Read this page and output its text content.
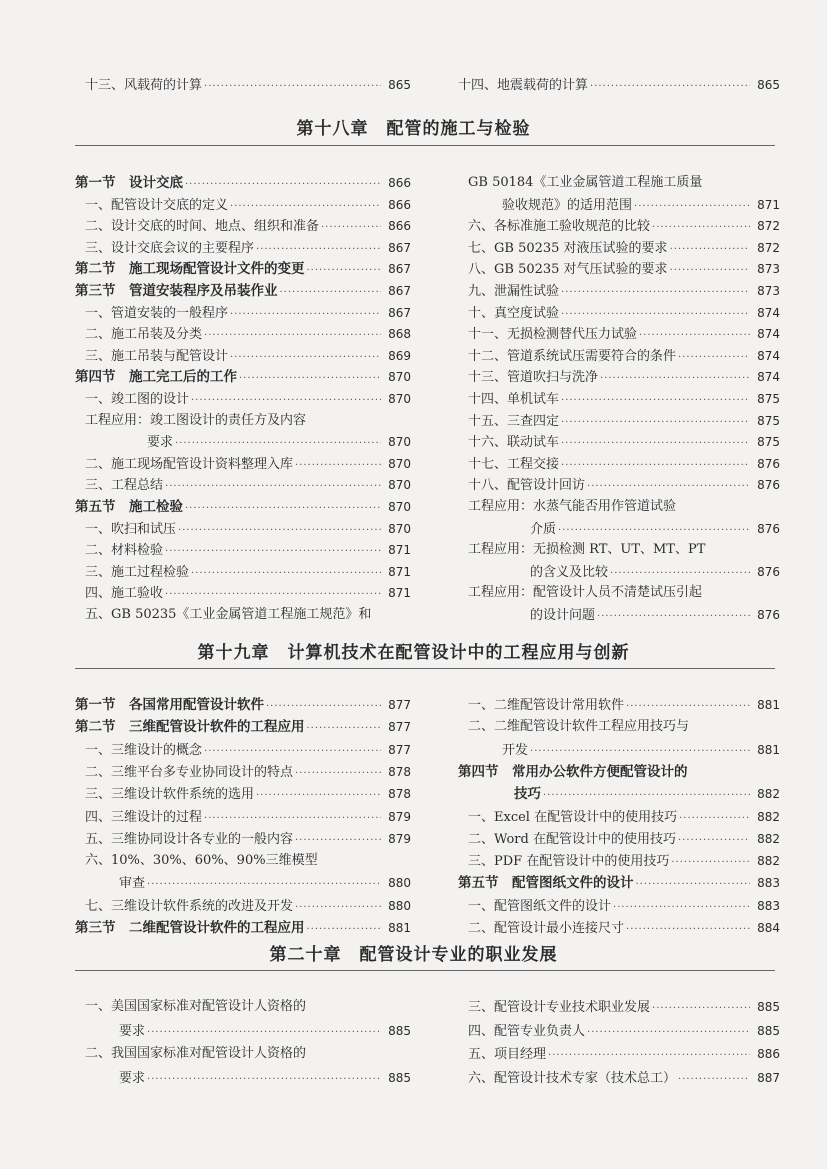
十三、风载荷的计算 ·····	865	十四、地震载荷的计算 ·····	865
第十八章　配管的施工与检验
第一节　设计交底 ·····	866
一、配管设计交底的定义 ·····	866
二、设计交底的时间、地点、组织和准备 ·····	866
三、设计交底会议的主要程序 ·····	867
第二节　施工现场配管设计文件的变更 ·····	867
第三节　管道安装程序及吊装作业 ·····	867
一、管道安装的一般程序 ·····	867
二、施工吊装及分类 ·····	868
三、施工吊装与配管设计 ·····	869
第四节　施工完工后的工作 ·····	870
一、竣工图的设计 ·····	870
工程应用：竣工图设计的责任方及内容
要求 ·····	870
二、施工现场配管设计资料整理入库 ·····	870
三、工程总结 ·····	870
第五节　施工检验 ·····	870
一、吹扫和试压 ·····	870
二、材料检验 ·····	871
三、施工过程检验 ·····	871
四、施工验收 ·····	871
五、GB 50235《工业金属管道工程施工规范》和
GB 50184《工业金属管道工程施工质量
验收规范》的适用范围 ·····	871
六、各标准施工验收规范的比较 ·····	872
七、GB 50235 对液压试验的要求 ·····	872
八、GB 50235 对气压试验的要求 ·····	873
九、泄漏性试验 ·····	873
十、真空度试验 ·····	874
十一、无损检测替代压力试验 ·····	874
十二、管道系统试压需要符合的条件 ·····	874
十三、管道吹扫与洗净 ·····	874
十四、单机试车 ·····	875
十五、三查四定 ·····	875
十六、联动试车 ·····	875
十七、工程交接 ·····	876
十八、配管设计回访 ·····	876
工程应用：水蒸气能否用作管道试验
介质 ·····	876
工程应用：无损检测 RT、UT、MT、PT
的含义及比较 ·····	876
工程应用：配管设计人员不清楚试压引起
的设计问题 ·····	876
第十九章　计算机技术在配管设计中的工程应用与创新
第一节　各国常用配管设计软件 ·····	877
第二节　三维配管设计软件的工程应用 ·····	877
一、三维设计的概念 ·····	877
二、三维平台多专业协同设计的特点 ·····	878
三、三维设计软件系统的选用 ·····	878
四、三维设计的过程 ·····	879
五、三维协同设计各专业的一般内容 ·····	879
六、10%、30%、60%、90%三维模型
审查 ·····	880
七、三维设计软件系统的改进及开发 ·····	880
第三节　二维配管设计软件的工程应用 ·····	881
一、二维配管设计常用软件 ·····	881
二、二维配管设计软件工程应用技巧与
开发 ·····	881
第四节　常用办公软件方便配管设计的
技巧 ·····	882
一、Excel 在配管设计中的使用技巧 ·····	882
二、Word 在配管设计中的使用技巧 ·····	882
三、PDF 在配管设计中的使用技巧 ·····	882
第五节　配管图纸文件的设计 ·····	883
一、配管图纸文件的设计 ·····	883
二、配管设计最小连接尺寸 ·····	884
第二十章　配管设计专业的职业发展
一、美国国家标准对配管设计人资格的
要求 ·····	885
二、我国国家标准对配管设计人资格的
要求 ·····	885
三、配管设计专业技术职业发展 ·····	885
四、配管专业负责人 ·····	885
五、项目经理 ·····	886
六、配管设计技术专家（技术总工） ·····	887
